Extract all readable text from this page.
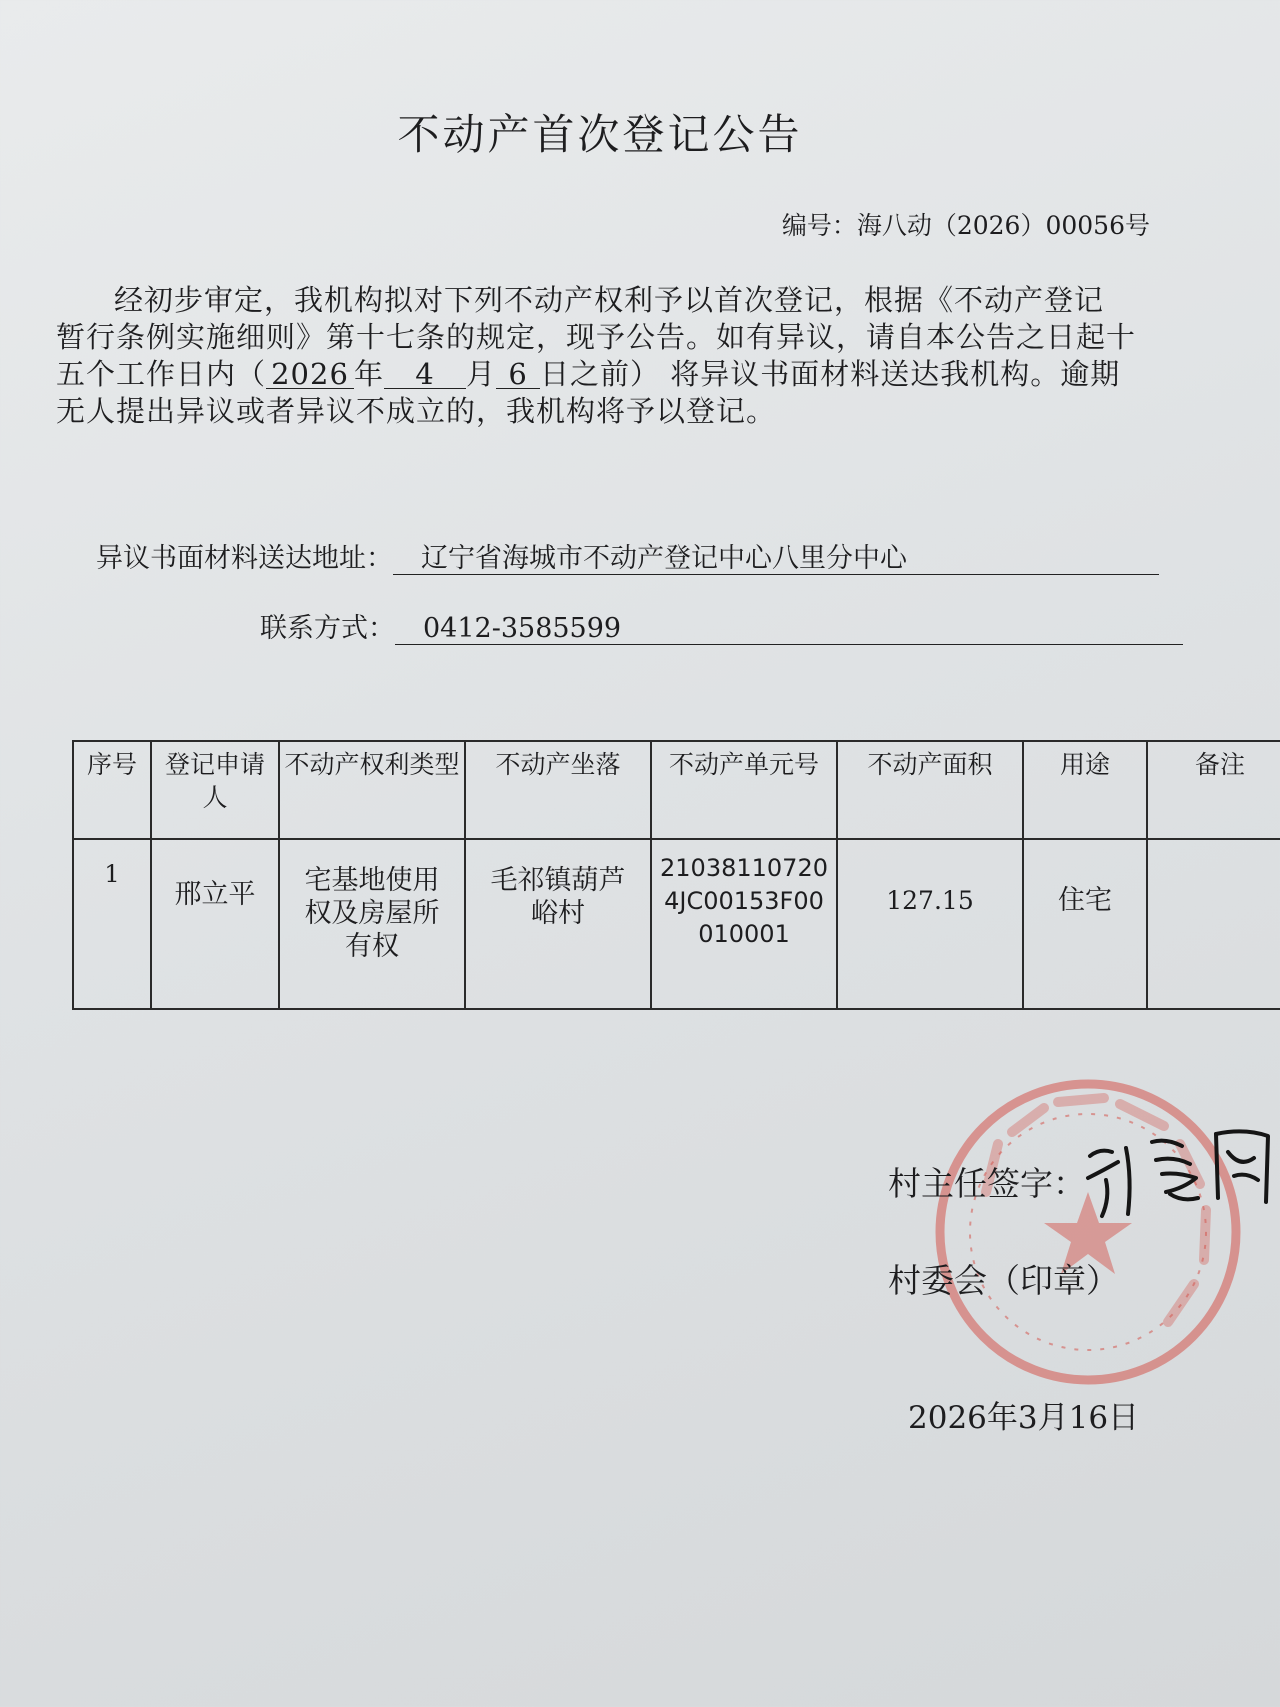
不动产首次登记公告
编号：海八动（2026）00056号

经初步审定，我机构拟对下列不动产权利予以首次登记，根据《不动产登记

暂行条例实施细则》第十七条的规定，现予公告。如有异议，请自本公告之日起十

五个工作日内（ 2026 年 4 月 6 日之前） 将异议书面材料送达我机构。逾期

无人提出异议或者异议不成立的，我机构将予以登记。

异议书面材料送达地址： 辽宁省海城市不动产登记中心八里分中心
联系方式： 0412-3585599
序号	登记申请人	不动产权利类型	不动产坐落	不动产单元号	不动产面积	用途	备注
1	邢立平	宅基地使用权及房屋所有权	毛祁镇葫芦峪村	210381107204JC00153F00010001	127.15	住宅	
村主任签字：
村委会（印章）
2026年3月16日
